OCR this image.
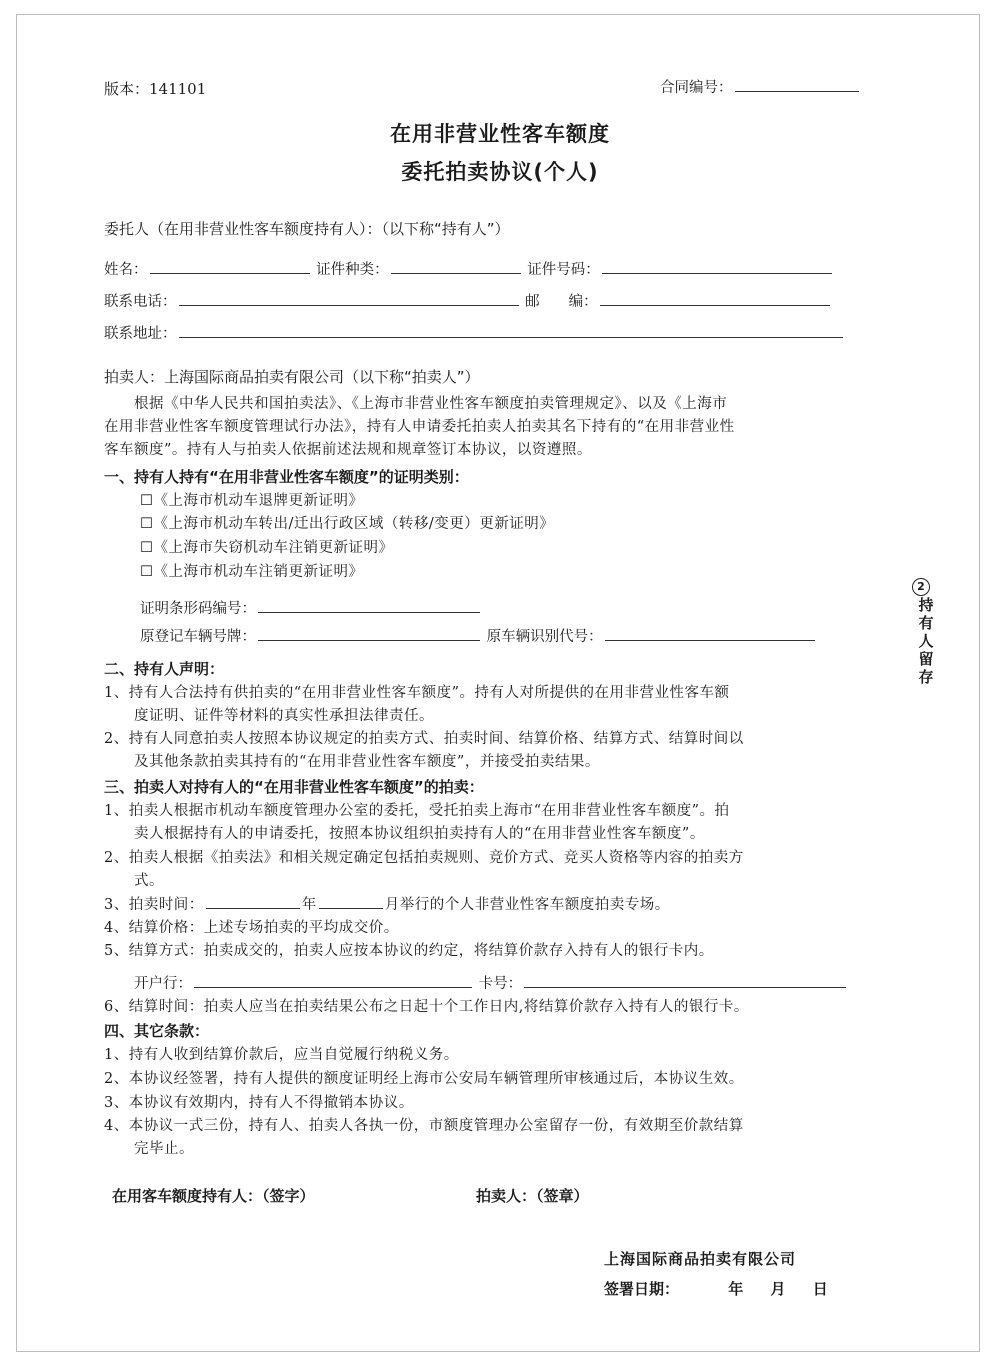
版本：141101	合同编号：
在用非营业性客车额度
委托拍卖协议(个人)
委托人（在用非营业性客车额度持有人）：（以下称“持有人”）
姓名：	证件种类：	证件号码：
联系电话：	邮　　编：
联系地址：
拍卖人：上海国际商品拍卖有限公司（以下称“拍卖人”）
根据《中华人民共和国拍卖法》、《上海市非营业性客车额度拍卖管理规定》、以及《上海市
在用非营业性客车额度管理试行办法》，持有人申请委托拍卖人拍卖其名下持有的“在用非营业性
客车额度”。持有人与拍卖人依据前述法规和规章签订本协议，以资遵照。
一、持有人持有“在用非营业性客车额度”的证明类别：
☐《上海市机动车退牌更新证明》
☐《上海市机动车转出/迁出行政区域（转移/变更）更新证明》
☐《上海市失窃机动车注销更新证明》
☐《上海市机动车注销更新证明》
证明条形码编号：
原登记车辆号牌：	原车辆识别代号：
二、持有人声明：
1、持有人合法持有供拍卖的“在用非营业性客车额度”。持有人对所提供的在用非营业性客车额
度证明、证件等材料的真实性承担法律责任。
2、持有人同意拍卖人按照本协议规定的拍卖方式、拍卖时间、结算价格、结算方式、结算时间以
及其他条款拍卖其持有的“在用非营业性客车额度”，并接受拍卖结果。
三、拍卖人对持有人的“在用非营业性客车额度”的拍卖：
1、拍卖人根据市机动车额度管理办公室的委托，受托拍卖上海市“在用非营业性客车额度”。拍
卖人根据持有人的申请委托，按照本协议组织拍卖持有人的“在用非营业性客车额度”。
2、拍卖人根据《拍卖法》和相关规定确定包括拍卖规则、竞价方式、竞买人资格等内容的拍卖方
式。
3、拍卖时间：	年	月举行的个人非营业性客车额度拍卖专场。
4、结算价格：上述专场拍卖的平均成交价。
5、结算方式：拍卖成交的，拍卖人应按本协议的约定，将结算价款存入持有人的银行卡内。
开户行：	卡号：
6、结算时间：拍卖人应当在拍卖结果公布之日起十个工作日内,将结算价款存入持有人的银行卡。
四、其它条款：
1、持有人收到结算价款后，应当自觉履行纳税义务。
2、本协议经签署，持有人提供的额度证明经上海市公安局车辆管理所审核通过后，本协议生效。
3、本协议有效期内，持有人不得撤销本协议。
4、本协议一式三份，持有人、拍卖人各执一份，市额度管理办公室留存一份，有效期至价款结算
完毕止。
在用客车额度持有人：（签字）	拍卖人：（签章）
上海国际商品拍卖有限公司
签署日期：	年 月 日
2
持
有
人
留
存
